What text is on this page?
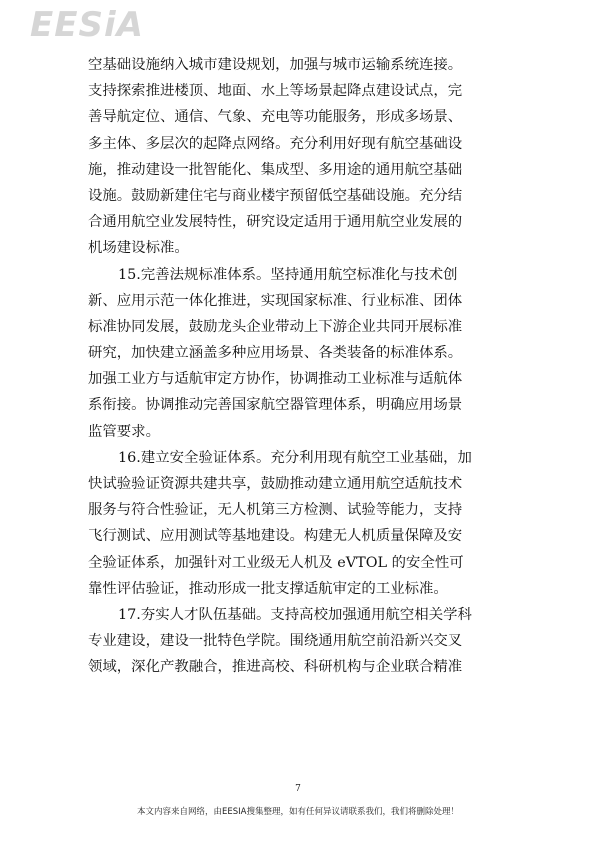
EESiA
空基础设施纳入城市建设规划，加强与城市运输系统连接。
支持探索推进楼顶、地面、水上等场景起降点建设试点，完
善导航定位、通信、气象、充电等功能服务，形成多场景、
多主体、多层次的起降点网络。充分利用好现有航空基础设
施，推动建设一批智能化、集成型、多用途的通用航空基础
设施。鼓励新建住宅与商业楼宇预留低空基础设施。充分结
合通用航空业发展特性，研究设定适用于通用航空业发展的
机场建设标准。
15.完善法规标准体系。坚持通用航空标准化与技术创
新、应用示范一体化推进，实现国家标准、行业标准、团体
标准协同发展，鼓励龙头企业带动上下游企业共同开展标准
研究，加快建立涵盖多种应用场景、各类装备的标准体系。
加强工业方与适航审定方协作，协调推动工业标准与适航体
系衔接。协调推动完善国家航空器管理体系，明确应用场景
监管要求。
16.建立安全验证体系。充分利用现有航空工业基础，加
快试验验证资源共建共享，鼓励推动建立通用航空适航技术
服务与符合性验证，无人机第三方检测、试验等能力，支持
飞行测试、应用测试等基地建设。构建无人机质量保障及安
全验证体系，加强针对工业级无人机及 eVTOL 的安全性可
靠性评估验证，推动形成一批支撑适航审定的工业标准。
17.夯实人才队伍基础。支持高校加强通用航空相关学科
专业建设，建设一批特色学院。围绕通用航空前沿新兴交叉
领域，深化产教融合，推进高校、科研机构与企业联合精准
7
本文内容来自网络，由EESIA搜集整理，如有任何异议请联系我们，我们将删除处理！
